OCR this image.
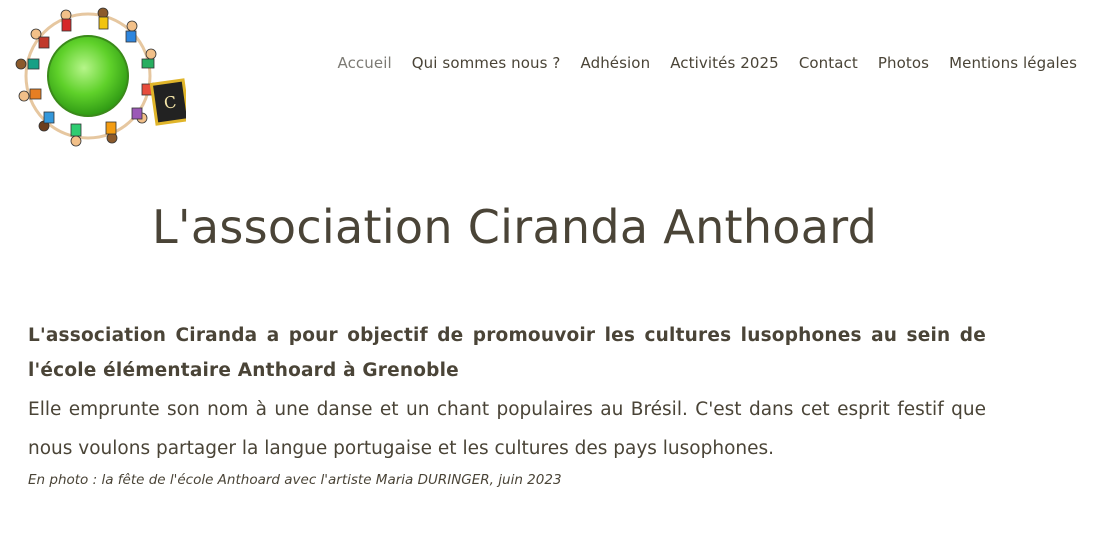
C
Accueil	Qui sommes nous ?	Adhésion	Activités 2025	Contact	Photos	Mentions légales
L'association Ciranda Anthoard

L'association Ciranda a pour objectif de promouvoir les cultures lusophones au sein de l'école élémentaire Anthoard à Grenoble

Elle emprunte son nom à une danse et un chant populaires au Brésil. C'est dans cet esprit festif que nous voulons partager la langue portugaise et les cultures des pays lusophones.

En photo : la fête de l'école Anthoard avec l'artiste Maria DURINGER, juin 2023
